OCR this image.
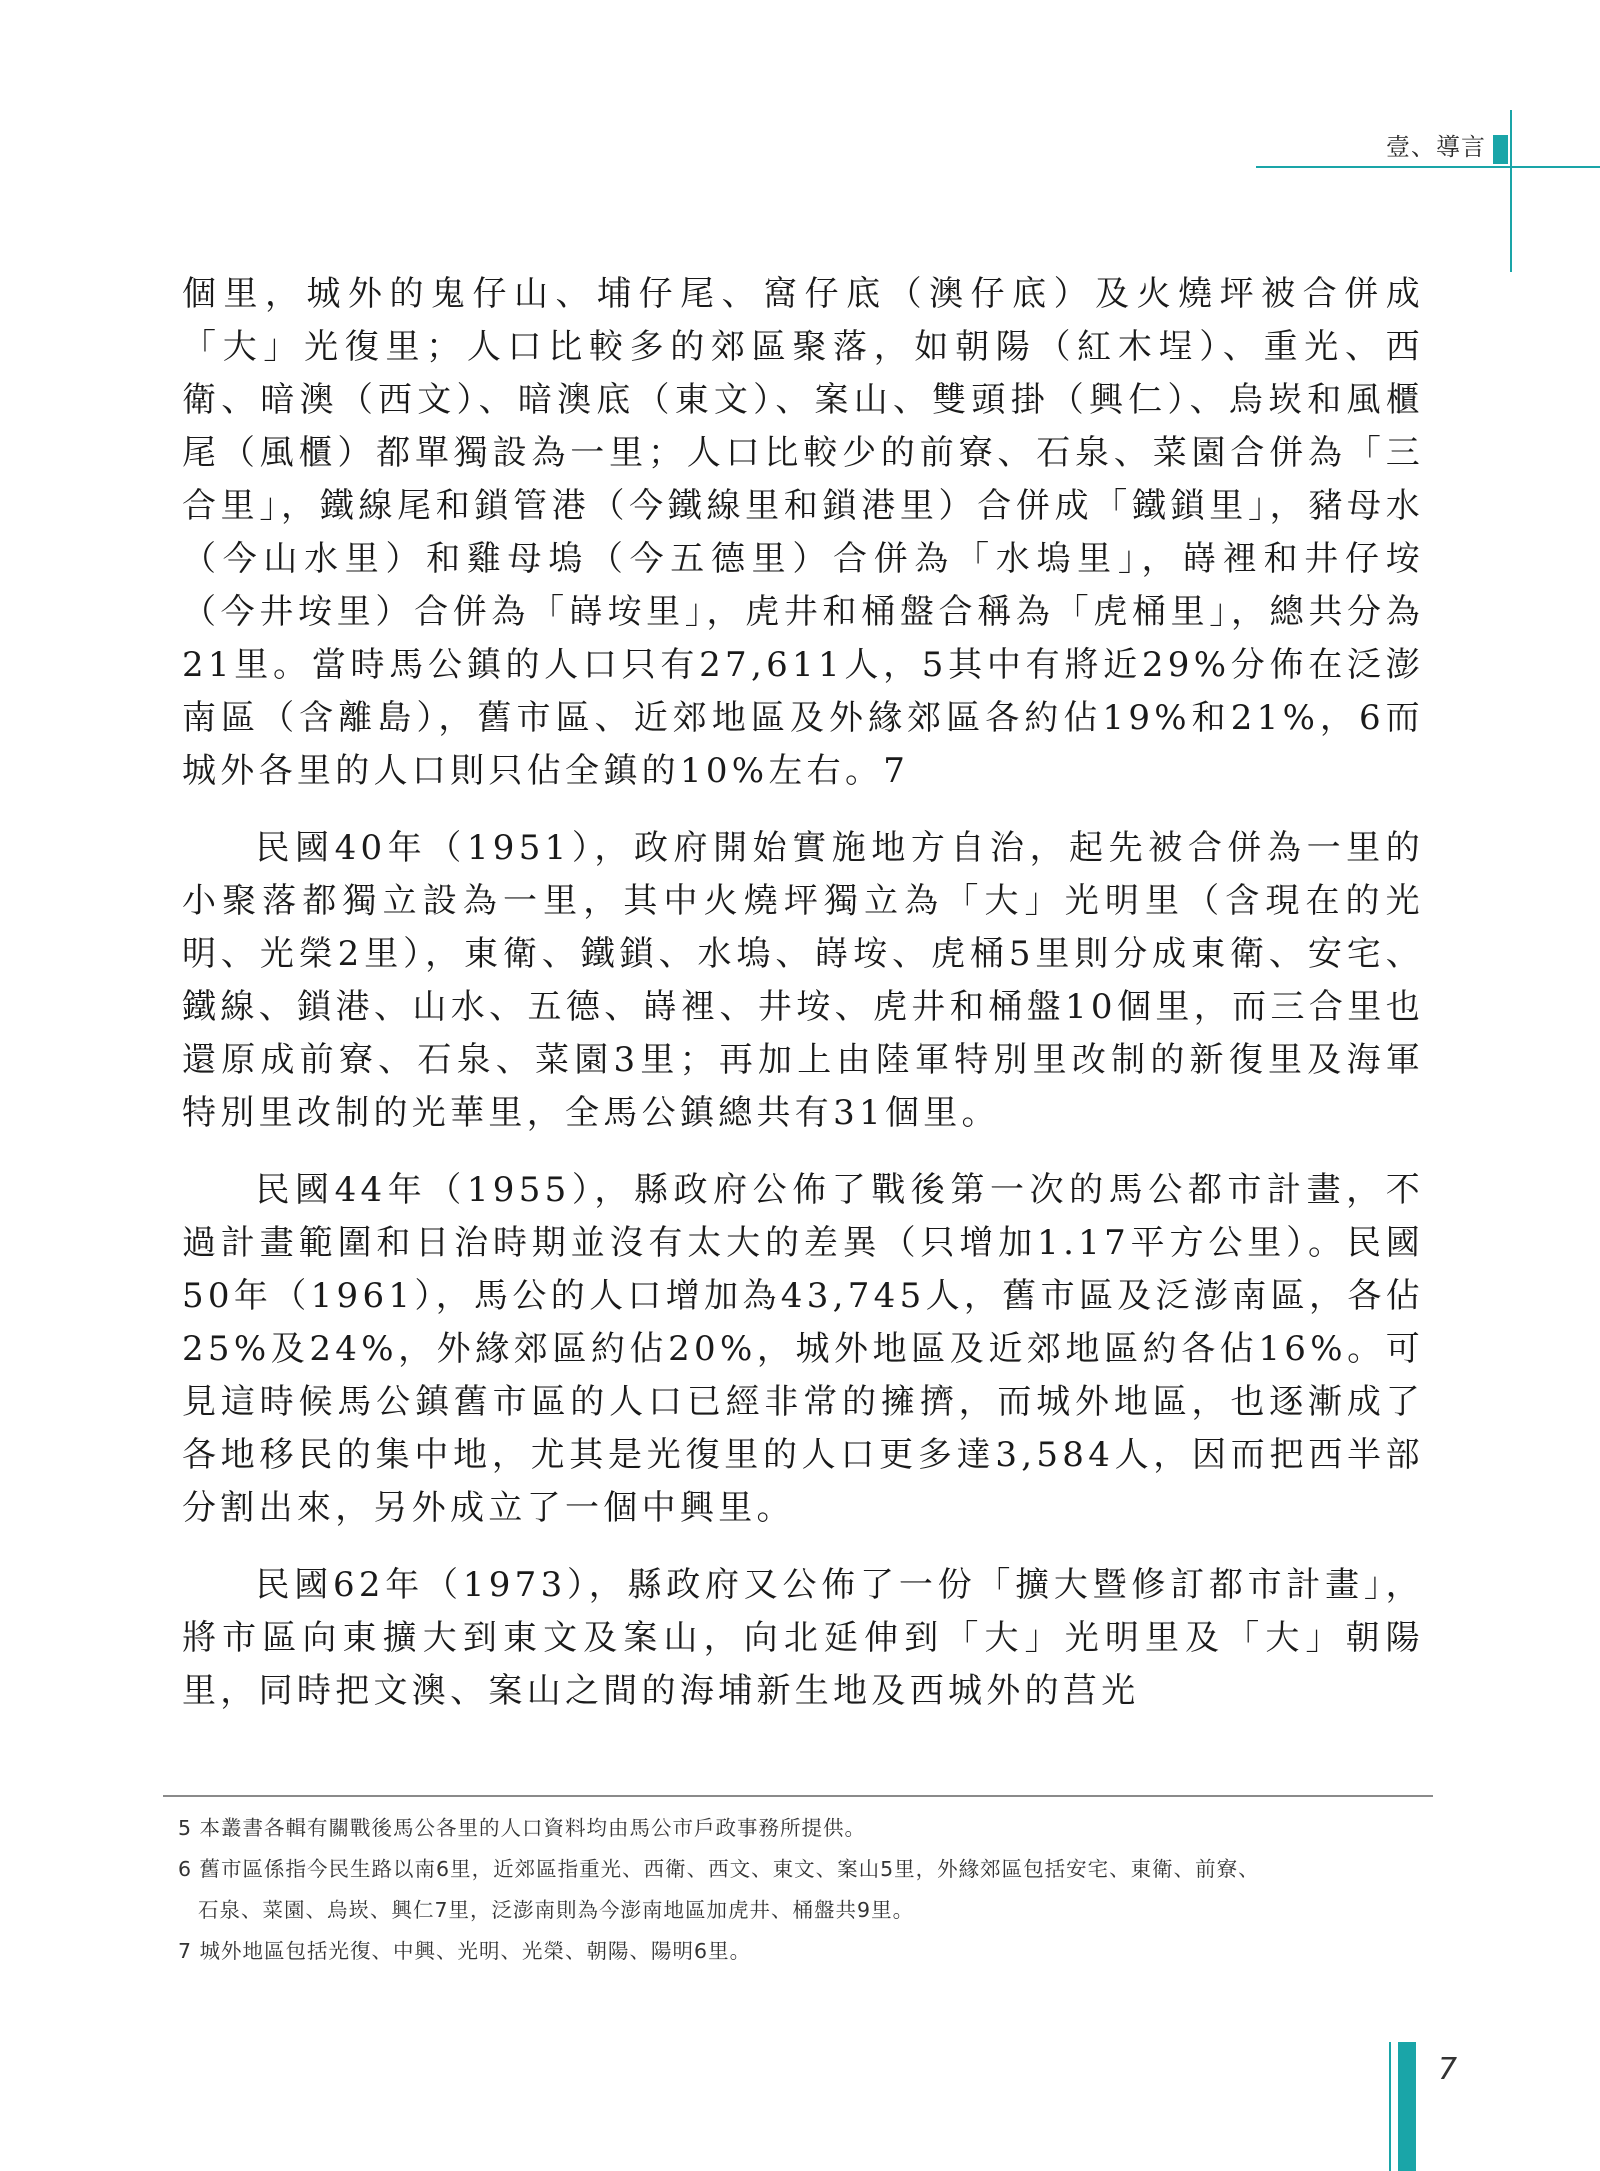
壹、導言

個里，城外的鬼仔山、埔仔尾、窩仔底（澳仔底）及火燒坪被合併成「大」光復里；人口比較多的郊區聚落，如朝陽（紅木埕）、重光、西衛、暗澳（西文）、暗澳底（東文）、案山、雙頭掛（興仁）、烏崁和風櫃尾（風櫃）都單獨設為一里；人口比較少的前寮、石泉、菜園合併為「三合里」，鐵線尾和鎖管港（今鐵線里和鎖港里）合併成「鐵鎖里」，豬母水（今山水里）和雞母塢（今五德里）合併為「水塢里」，嵵裡和井仔垵（今井垵里）合併為「嵵垵里」，虎井和桶盤合稱為「虎桶里」，總共分為21里。當時馬公鎮的人口只有27,611人，5其中有將近29%分佈在泛澎南區（含離島），舊市區、近郊地區及外緣郊區各約佔19%和21%，6而城外各里的人口則只佔全鎮的10%左右。7

民國40年（1951），政府開始實施地方自治，起先被合併為一里的小聚落都獨立設為一里，其中火燒坪獨立為「大」光明里（含現在的光明、光榮2里），東衛、鐵鎖、水塢、嵵垵、虎桶5里則分成東衛、安宅、鐵線、鎖港、山水、五德、嵵裡、井垵、虎井和桶盤10個里，而三合里也還原成前寮、石泉、菜園3里；再加上由陸軍特別里改制的新復里及海軍特別里改制的光華里，全馬公鎮總共有31個里。

民國44年（1955），縣政府公佈了戰後第一次的馬公都市計畫，不過計畫範圍和日治時期並沒有太大的差異（只增加1.17平方公里）。民國50年（1961），馬公的人口增加為43,745人，舊市區及泛澎南區，各佔25%及24%，外緣郊區約佔20%，城外地區及近郊地區約各佔16%。可見這時候馬公鎮舊市區的人口已經非常的擁擠，而城外地區，也逐漸成了各地移民的集中地，尤其是光復里的人口更多達3,584人，因而把西半部分割出來，另外成立了一個中興里。

民國62年（1973），縣政府又公佈了一份「擴大暨修訂都市計畫」，將市區向東擴大到東文及案山，向北延伸到「大」光明里及「大」朝陽里，同時把文澳、案山之間的海埔新生地及西城外的莒光

5 本叢書各輯有關戰後馬公各里的人口資料均由馬公市戶政事務所提供。

6 舊市區係指今民生路以南6里，近郊區指重光、西衛、西文、東文、案山5里，外緣郊區包括安宅、東衛、前寮、

石泉、菜園、烏崁、興仁7里，泛澎南則為今澎南地區加虎井、桶盤共9里。

7 城外地區包括光復、中興、光明、光榮、朝陽、陽明6里。

7
